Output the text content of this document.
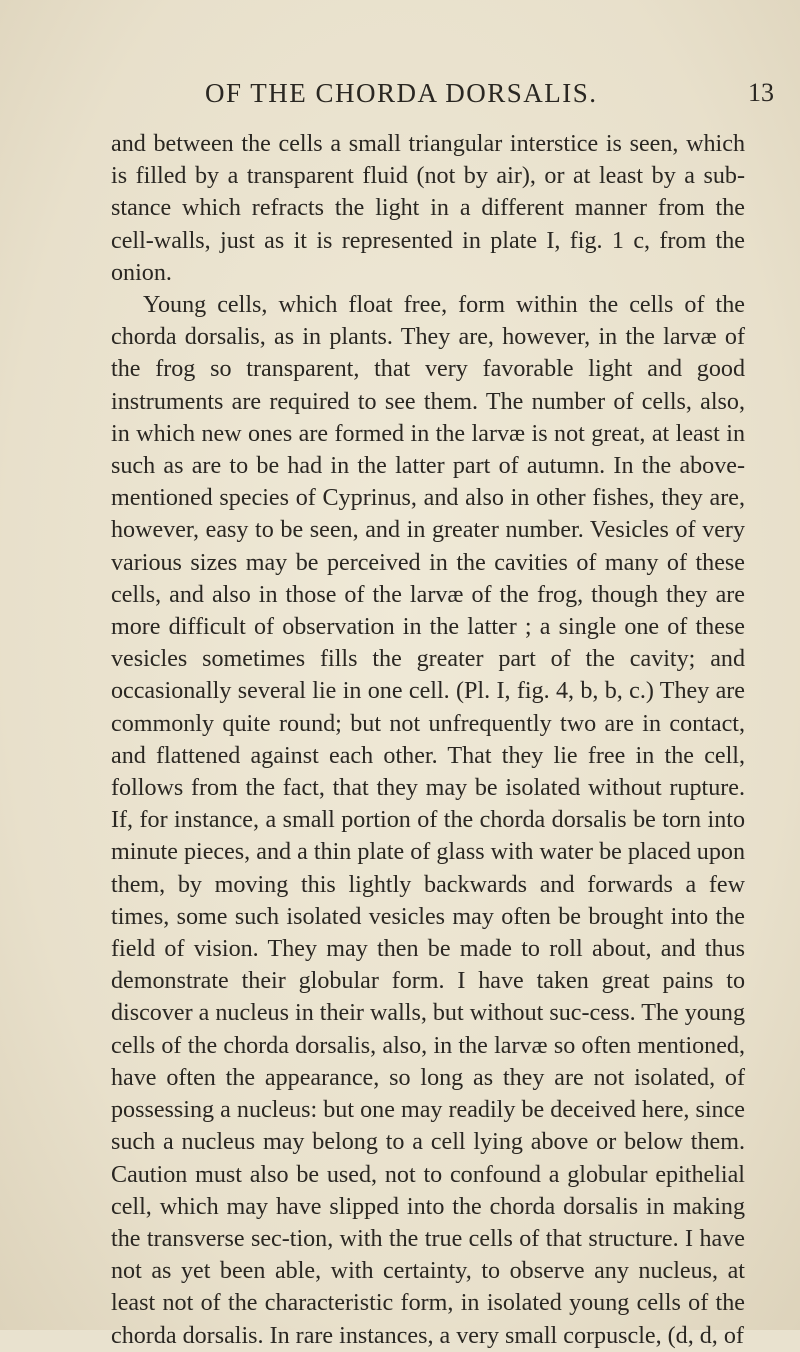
OF THE CHORDA DORSALIS.	13

and between the cells a small triangular interstice is seen, which is filled by a transparent fluid (not by air), or at least by a sub-stance which refracts the light in a different manner from the cell-walls, just as it is represented in plate I, fig. 1 c, from the onion.

Young cells, which float free, form within the cells of the chorda dorsalis, as in plants. They are, however, in the larvæ of the frog so transparent, that very favorable light and good instruments are required to see them. The number of cells, also, in which new ones are formed in the larvæ is not great, at least in such as are to be had in the latter part of autumn. In the above-mentioned species of Cyprinus, and also in other fishes, they are, however, easy to be seen, and in greater number. Vesicles of very various sizes may be perceived in the cavities of many of these cells, and also in those of the larvæ of the frog, though they are more difficult of observation in the latter ; a single one of these vesicles sometimes fills the greater part of the cavity; and occasionally several lie in one cell. (Pl. I, fig. 4, b, b, c.) They are commonly quite round; but not unfrequently two are in contact, and flattened against each other. That they lie free in the cell, follows from the fact, that they may be isolated without rupture. If, for instance, a small portion of the chorda dorsalis be torn into minute pieces, and a thin plate of glass with water be placed upon them, by moving this lightly backwards and forwards a few times, some such isolated vesicles may often be brought into the field of vision. They may then be made to roll about, and thus demonstrate their globular form. I have taken great pains to discover a nucleus in their walls, but without suc-cess. The young cells of the chorda dorsalis, also, in the larvæ so often mentioned, have often the appearance, so long as they are not isolated, of possessing a nucleus: but one may readily be deceived here, since such a nucleus may belong to a cell lying above or below them. Caution must also be used, not to confound a globular epithelial cell, which may have slipped into the chorda dorsalis in making the transverse sec-tion, with the true cells of that structure. I have not as yet been able, with certainty, to observe any nucleus, at least not of the characteristic form, in isolated young cells of the chorda dorsalis. In rare instances, a very small corpuscle, (d, d, of
